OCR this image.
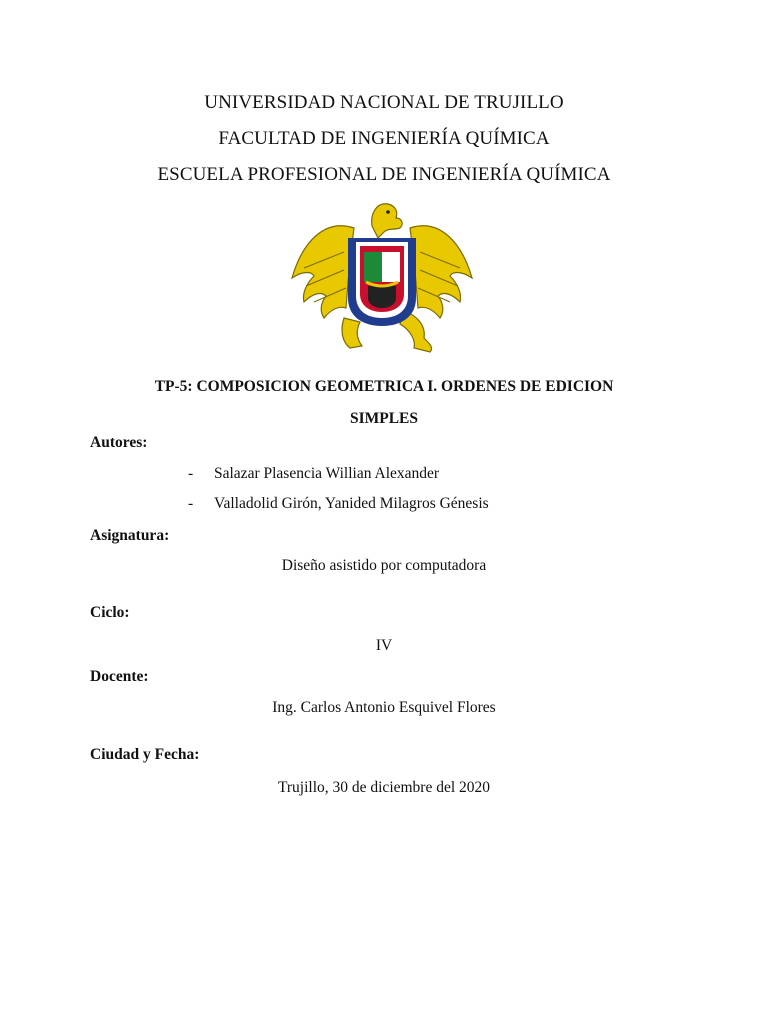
UNIVERSIDAD NACIONAL DE TRUJILLO
FACULTAD DE INGENIERÍA QUÍMICA
ESCUELA PROFESIONAL DE INGENIERÍA QUÍMICA
TP-5: COMPOSICION GEOMETRICA I. ORDENES DE EDICION
SIMPLES
Autores:
- Salazar Plasencia Willian Alexander
- Valladolid Girón, Yanided Milagros Génesis
Asignatura:
Diseño asistido por computadora
Ciclo:
IV
Docente:
Ing. Carlos Antonio Esquivel Flores
Ciudad y Fecha:
Trujillo, 30 de diciembre del 2020
